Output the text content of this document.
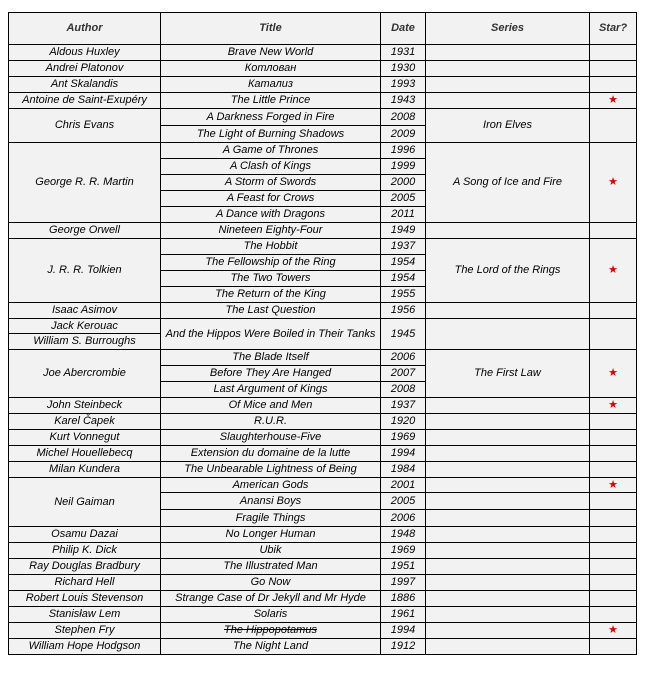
Author	Title	Date	Series	Star?
Aldous Huxley	Brave New World	1931		
Andrei Platonov	Котлован	1930		
Ant Skalandis	Катализ	1993		
Antoine de Saint-Exupéry	The Little Prince	1943		★
Chris Evans	A Darkness Forged in Fire	2008	Iron Elves	
	The Light of Burning Shadows	2009		
George R. R. Martin	A Game of Thrones	1996	A Song of Ice and Fire	★
	A Clash of Kings	1999		
	A Storm of Swords	2000		
	A Feast for Crows	2005		
	A Dance with Dragons	2011		
George Orwell	Nineteen Eighty-Four	1949		
J. R. R. Tolkien	The Hobbit	1937	The Lord of the Rings	★
	The Fellowship of the Ring	1954		
	The Two Towers	1954		
	The Return of the King	1955		
Isaac Asimov	The Last Question	1956		
Jack Kerouac	And the Hippos Were Boiled in Their Tanks	1945		
William S. Burroughs				
Joe Abercrombie	The Blade Itself	2006	The First Law	★
	Before They Are Hanged	2007		
	Last Argument of Kings	2008		
John Steinbeck	Of Mice and Men	1937		★
Karel Čapek	R.U.R.	1920		
Kurt Vonnegut	Slaughterhouse-Five	1969		
Michel Houellebecq	Extension du domaine de la lutte	1994		
Milan Kundera	The Unbearable Lightness of Being	1984		
Neil Gaiman	American Gods	2001		★
	Anansi Boys	2005		
	Fragile Things	2006		
Osamu Dazai	No Longer Human	1948		
Philip K. Dick	Ubik	1969		
Ray Douglas Bradbury	The Illustrated Man	1951		
Richard Hell	Go Now	1997		
Robert Louis Stevenson	Strange Case of Dr Jekyll and Mr Hyde	1886		
Stanisław Lem	Solaris	1961		
Stephen Fry	The Hippopotamus	1994		★
William Hope Hodgson	The Night Land	1912		
